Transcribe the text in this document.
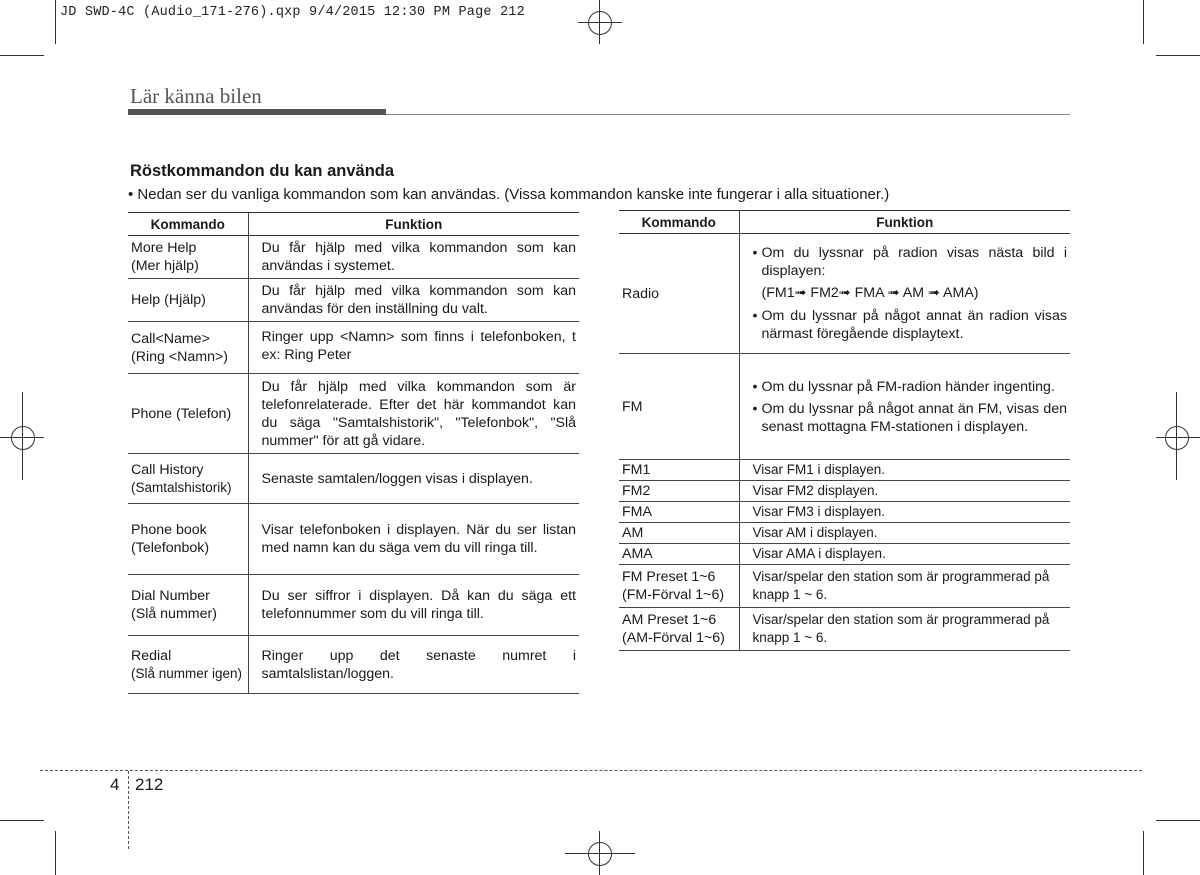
JD SWD-4C (Audio_171-276).qxp 9/4/2015 12:30 PM Page 212
Lär känna bilen
Röstkommandon du kan använda
• Nedan ser du vanliga kommandon som kan användas. (Vissa kommandon kanske inte fungerar i alla situationer.)
Kommando	Funktion

More Help
(Mer hjälp)	Du får hjälp med vilka kommandon som kan användas i systemet.

Help (Hjälp)	Du får hjälp med vilka kommandon som kan användas för den inställning du valt.

Call<Name>
(Ring <Namn>)	Ringer upp <Namn> som finns i telefonboken, t ex: Ring Peter

Phone (Telefon)	Du får hjälp med vilka kommandon som är telefonrelaterade. Efter det här kommandot kan du säga "Samtalshistorik", "Telefonbok", "Slå nummer" för att gå vidare.

Call History
(Samtalshistorik)	Senaste samtalen/loggen visas i displayen.

Phone book
(Telefonbok)	Visar telefonboken i displayen. När du ser listan med namn kan du säga vem du vill ringa till.

Dial Number
(Slå nummer)	Du ser siffror i displayen. Då kan du säga ett telefonnummer som du vill ringa till.

Redial
(Slå nummer igen)	Ringer upp det senaste numret i samtalslistan/loggen.
Kommando	Funktion
Radio	• Om du lyssnar på radion visas nästa bild i displayen:
(FM1➟ FM2➟ FMA ➟ AM ➟ AMA)
• Om du lyssnar på något annat än radion visas närmast föregående displaytext.

FM	• Om du lyssnar på FM-radion händer ingenting.
• Om du lyssnar på något annat än FM, visas den senast mottagna FM-stationen i displayen.

FM1	Visar FM1 i displayen.
FM2	Visar FM2 displayen.
FMA	Visar FM3 i displayen.
AM	Visar AM i displayen.
AMA	Visar AMA i displayen.

FM Preset 1~6
(FM-Förval 1~6)	Visar/spelar den station som är programmerad på knapp 1 ~ 6.

AM Preset 1~6
(AM-Förval 1~6)	Visar/spelar den station som är programmerad på knapp 1 ~ 6.
4 212
